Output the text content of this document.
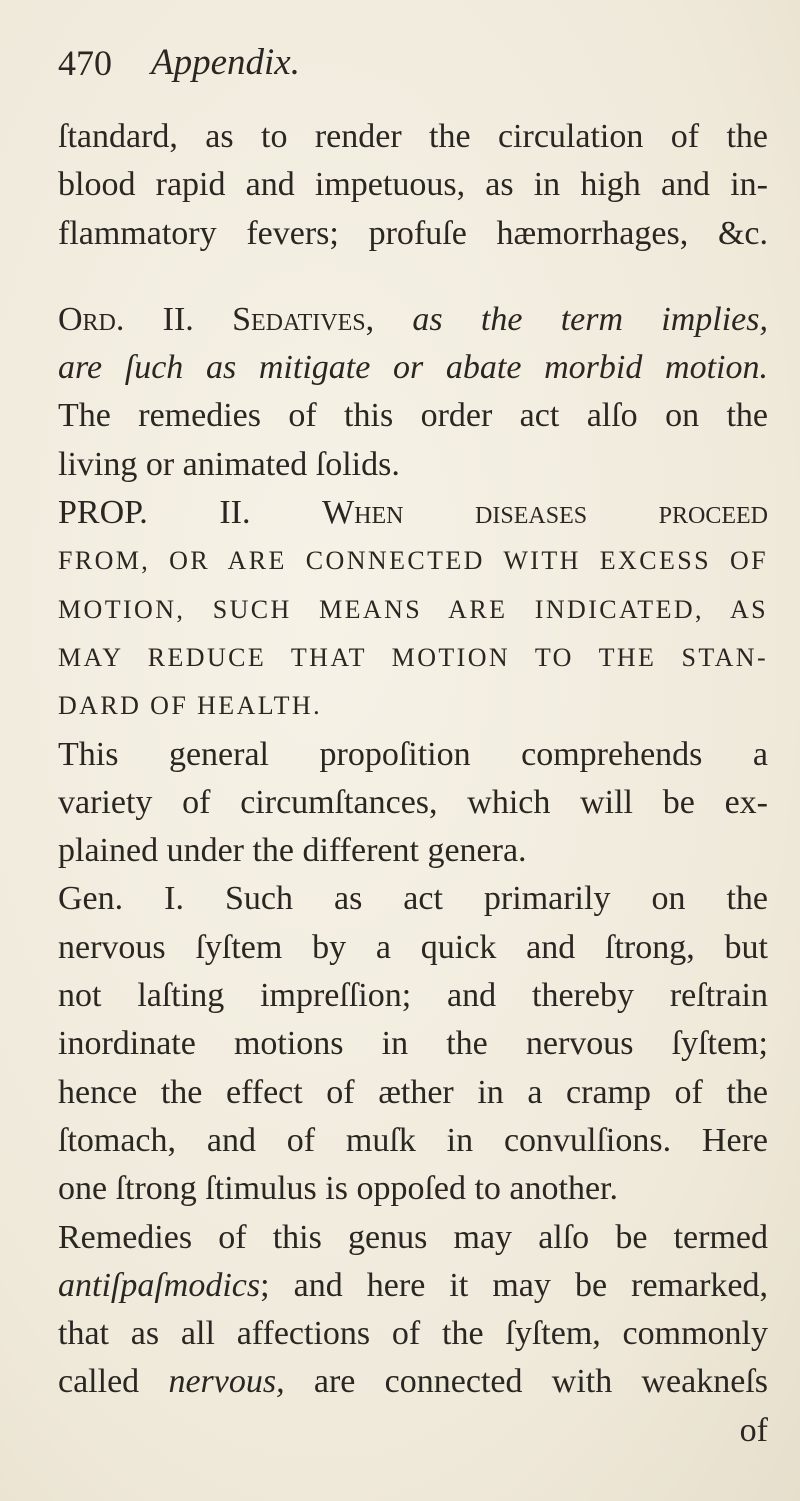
470 Appendix.
ſtandard, as to render the circulation of the
blood rapid and impetuous, as in high and in-
flammatory fevers; profuſe hæmorrhages, &c.
Ord. II. Sedatives, as the term implies,
are ſuch as mitigate or abate morbid motion.
The remedies of this order act alſo on the
living or animated ſolids.
PROP. II. When diseases proceed
FROM, OR ARE CONNECTED WITH EXCESS OF
MOTION, SUCH MEANS ARE INDICATED, AS
MAY REDUCE THAT MOTION TO THE STAN-
DARD OF HEALTH.
This general propoſition comprehends a
variety of circumſtances, which will be ex-
plained under the different genera.
Gen. I. Such as act primarily on the
nervous ſyſtem by a quick and ſtrong, but
not laſting impreſſion; and thereby reſtrain
inordinate motions in the nervous ſyſtem;
hence the effect of æther in a cramp of the
ſtomach, and of muſk in convulſions. Here
one ſtrong ſtimulus is oppoſed to another.
Remedies of this genus may alſo be termed
antiſpaſmodics; and here it may be remarked,
that as all affections of the ſyſtem, commonly
called nervous, are connected with weakneſs
of
